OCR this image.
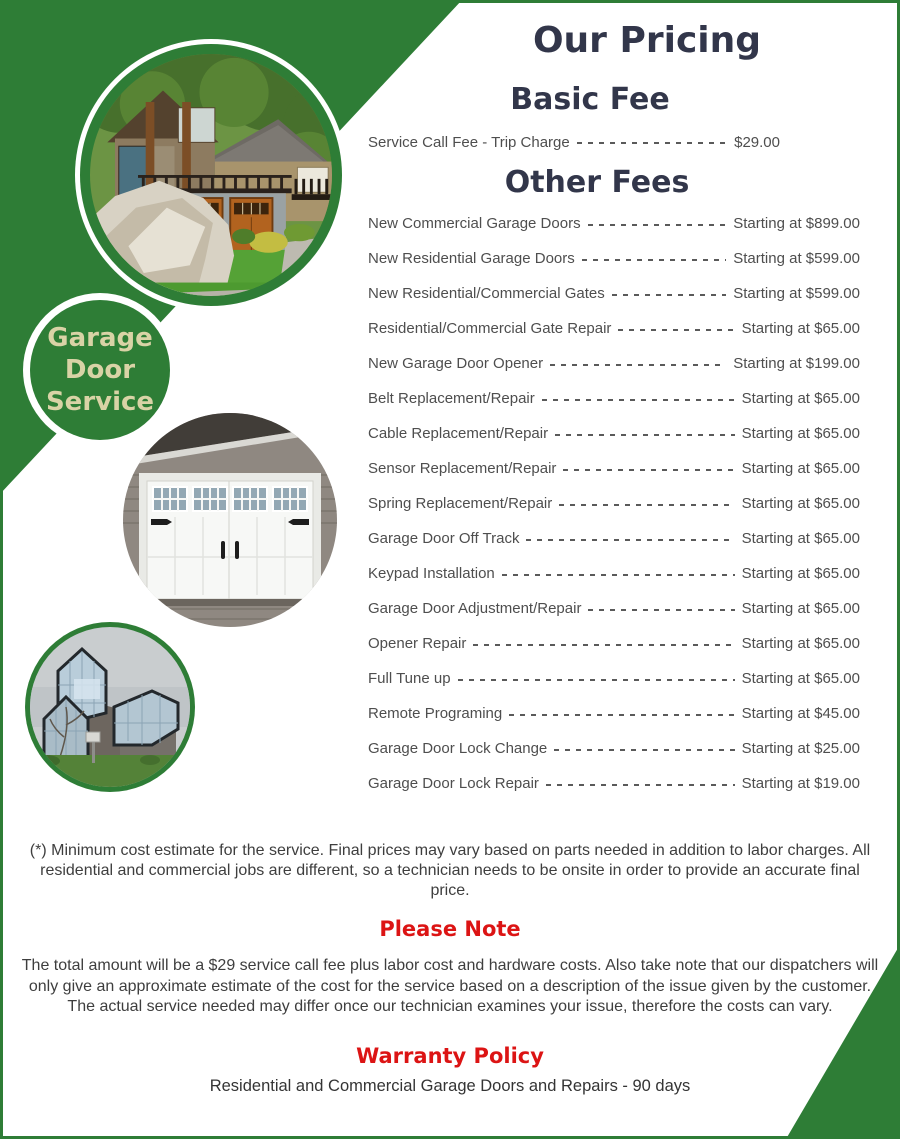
Garage
Door
Service
Our Pricing
Basic Fee
Other Fees
Service Call Fee - Trip Charge	$29.00
New Commercial Garage Doors	Starting at $899.00
New Residential Garage Doors	Starting at $599.00
New Residential/Commercial Gates	Starting at $599.00
Residential/Commercial Gate Repair	Starting at $65.00
New Garage Door Opener	Starting at $199.00
Belt Replacement/Repair	Starting at $65.00
Cable Replacement/Repair	Starting at $65.00
Sensor Replacement/Repair	Starting at $65.00
Spring Replacement/Repair	Starting at $65.00
Garage Door Off Track	Starting at $65.00
Keypad Installation	Starting at $65.00
Garage Door Adjustment/Repair	Starting at $65.00
Opener Repair	Starting at $65.00
Full Tune up	Starting at $65.00
Remote Programing	Starting at $45.00
Garage Door Lock Change	Starting at $25.00
Garage Door Lock Repair	Starting at $19.00
(*) Minimum cost estimate for the service. Final prices may vary based on parts needed in addition to labor charges. All residential and commercial jobs are different, so a technician needs to be onsite in order to provide an accurate final price.
Please Note
The total amount will be a $29 service call fee plus labor cost and hardware costs. Also take note that our dispatchers will only give an approximate estimate of the cost for the service based on a description of the issue given by the customer. The actual service needed may differ once our technician examines your issue, therefore the costs can vary.
Warranty Policy
Residential and Commercial Garage Doors and Repairs - 90 days
